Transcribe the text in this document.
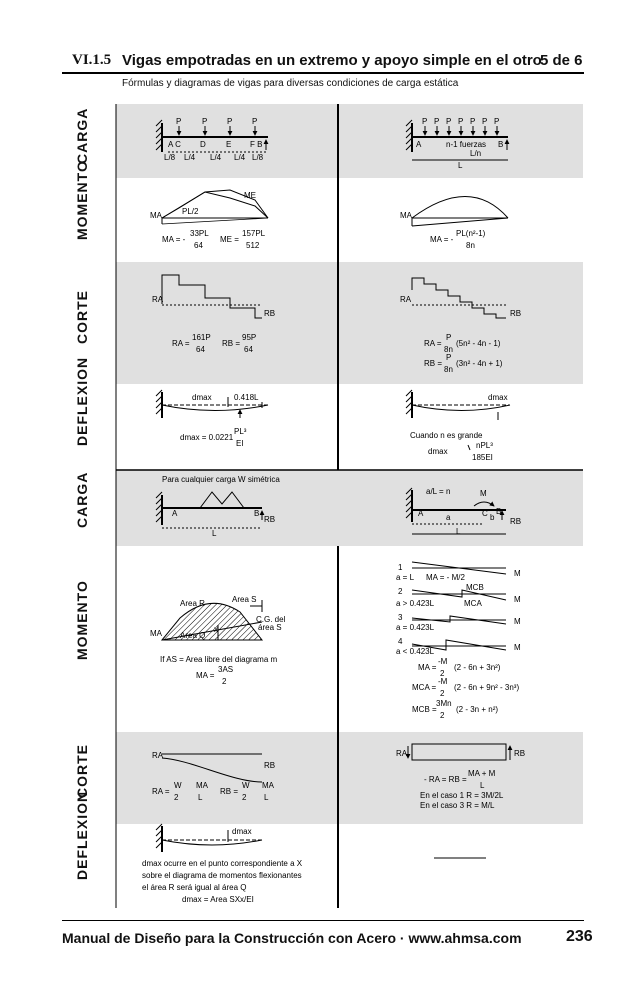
VI.1.5 Vigas empotradas en un extremo y apoyo simple en el otro
5 de 6
Fórmulas y diagramas de vigas para diversas condiciones de carga estática
CARGA
MOMENTO
CORTE
DEFLEXION
CARGA
MOMENTO
CORTE
DEFLEXION
P	P P P
A C D	E F B
L/8 L/4 L/4 L/4 L/8
ME
MA	PL/2
MA = -
33PL
64
ME =
157PL
512
RA
RB
RA =
161P
64
RB =
95P
64
dmax	0.418L
dmax = 0.0221
PL³
EI
P P P P P P P
A	n-1 fuerzas B
L/n
L
MA
MA = -
PL(n²-1)
8n
RA
RB
RA =
P
8n
(5n² - 4n - 1)
RB =
P
8n
(3n² - 4n + 1)
dmax
Cuando n es grande
dmax
nPL³
185EI
Para cualquier carga W simétrica
A	B
RB
L
Area R	Area S
C.G. del
área S
Area Q
x
MA
If AS = Area libre del diagrama m
MA =
3AS
2
RA
RB
RA =
W
2
MA
L
RB =
W
2
MA
L
dmax
dmax ocurre en el punto correspondiente a X
sobre el diagrama de momentos flexionantes
el área R será igual al área Q
dmax = Area SXx/EI
a/L = n	M
A	C B
a	b
L
RB
1
a = L MA = - M/2	M
2
a > 0.423L
MCB
MCA	M
3
a = 0.423L
M
4
a < 0.423L	M
MA =
-M
2
(2 - 6n + 3n²)
MCA =
-M
2
(2 - 6n + 9n² - 3n³)
MCB =
3Mn
2
(2 - 3n + n²)
RA	RB
- RA = RB =
MA + M
L
En el caso 1 R = 3M/2L
En el caso 3 R = M/L
Manual de Diseño para la Construcción con Acero · www.ahmsa.com	236
